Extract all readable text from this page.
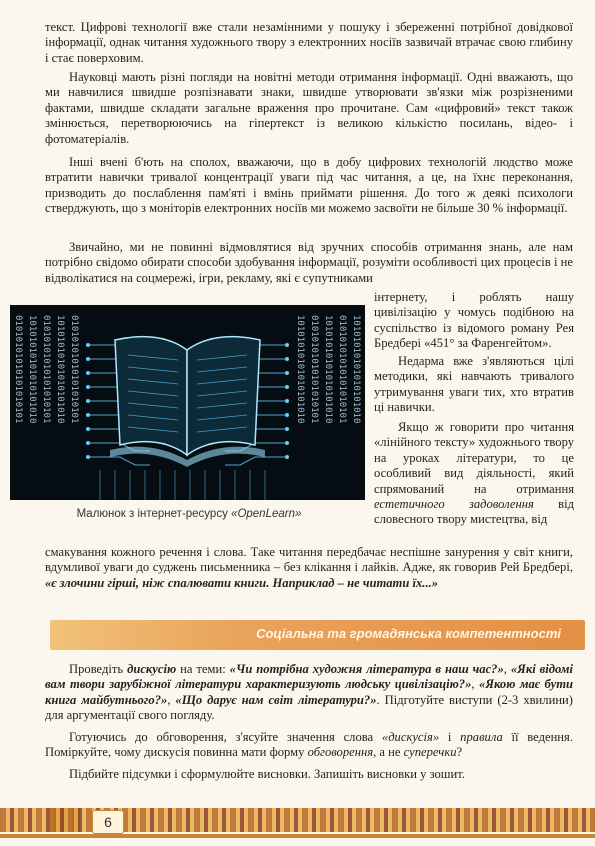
текст. Цифрові технології вже стали незамінними у пошуку і збереженні потрібної довідкової інформації, однак читання художнього твору з електронних носіїв зазвичай втрачає свою глибину і стає поверховим.

Науковці мають різні погляди на новітні методи отримання інформації. Одні вважають, що ми навчилися швидше розпізнавати знаки, швидше утворювати зв'язки між розрізненими фактами, швидше складати загальне враження про прочитане. Сам «цифровий» текст також змінюється, перетворюючись на гіпертекст із великою кількістю посилань, відео- і фотоматеріалів.

Інші вчені б'ють на сполох, вважаючи, що в добу цифрових технологій людство може втратити навички тривалої концентрації уваги під час читання, а це, на їхнє переконання, призводить до послаблення пам'яті і вмінь приймати рішення. До того ж деякі психологи стверджують, що з моніторів електронних носіїв ми можемо засвоїти не більше 30 % інформації.

Звичайно, ми не повинні відмовлятися від зручних способів отримання знань, але нам потрібно свідомо обирати способи здобування інформації, розуміти особливості цих процесів і не відволікатися на соцмережі, ігри, рекламу, які є супутниками

01010101010101010101 10101010101010101010 01010101010101010101 10101010101010101010 01010101010101010101	10101010101010101010 01010101010101010101 10101010101010101010 01010101010101010101 10101010101010101010

інтернету, і роблять нашу цивілізацію у чомусь подібною на суспільство із відомого роману Рея Бредбері «451° за Фаренгейтом».

Недарма вже з'являються цілі методики, які навчають тривалого утримування уваги тих, хто втратив ці навички.

Якщо ж говорити про читання «лінійного тексту» художнього твору на уроках літератури, то це особливий вид діяльності, який спрямований на отримання естетичного задоволення від словесного твору мистецтва, від

Малюнок з інтернет-ресурсу «OpenLearn»

смакування кожного речення і слова. Таке читання передбачає неспішне занурення у світ книги, вдумливої уваги до суджень письменника – без клікання і лайків. Адже, як говорив Рей Бредбері, «є злочини гірші, ніж спалювати книги. Наприклад – не читати їх...»

Соціальна та громадянська компетентності

Проведіть дискусію на теми: «Чи потрібна художня література в наш час?», «Які відомі вам твори зарубіжної літератури характеризують людську цивілізацію?», «Якою має бути книга майбутнього?», «Що дарує нам світ літератури?». Підготуйте виступи (2-3 хвилини) для аргументації свого погляду.

Готуючись до обговорення, з'ясуйте значення слова «дискусія» і правила її ведення. Поміркуйте, чому дискусія повинна мати форму обговорення, а не суперечки?

Підбийте підсумки і сформулюйте висновки. Запишіть висновки у зошит.

6
